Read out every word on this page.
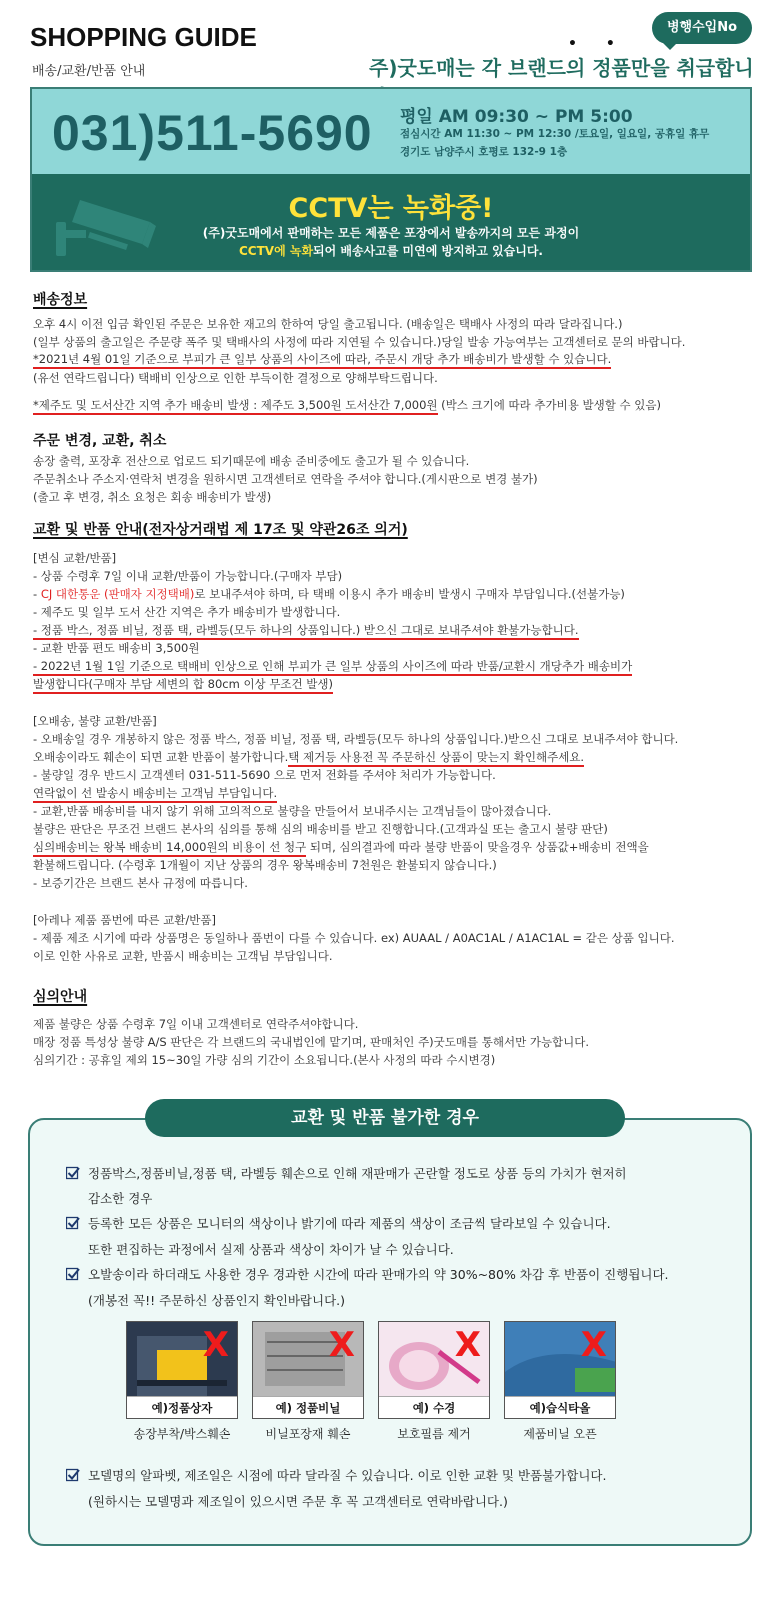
SHOPPING GUIDE
배송/교환/반품 안내
병행수입No
• •
주)굿도매는 각 브랜드의 정품만을 취급합니
031)511-5690 평일 AM 09:30 ~ PM 5:00
점심시간 AM 11:30 ~ PM 12:30 /토요일, 일요일, 공휴일 휴무
경기도 남양주시 호평로 132-9 1층
CCTV는 녹화중!
(주)굿도매에서 판매하는 모든 제품은 포장에서 발송까지의 모든 과정이
CCTV에 녹화되어 배송사고를 미연에 방지하고 있습니다.
배송정보
오후 4시 이전 입금 확인된 주문은 보유한 재고의 한하여 당일 출고됩니다. (배송일은 택배사 사정의 따라 달라집니다.)
(일부 상품의 출고일은 주문량 폭주 및 택배사의 사정에 따라 지연될 수 있습니다.)당일 발송 가능여부는 고객센터로 문의 바랍니다.
*2021년 4월 01일 기준으로 부피가 큰 일부 상품의 사이즈에 따라, 주문시 개당 추가 배송비가 발생할 수 있습니다.
(유선 연락드립니다) 택배비 인상으로 인한 부득이한 결정으로 양해부탁드립니다.
*제주도 및 도서산간 지역 추가 배송비 발생 : 제주도 3,500원 도서산간 7,000원 (박스 크기에 따라 추가비용 발생할 수 있음)
주문 변경, 교환, 취소
송장 출력, 포장후 전산으로 업로드 되기때문에 배송 준비중에도 출고가 될 수 있습니다.
주문취소나 주소지·연락처 변경을 원하시면 고객센터로 연락을 주셔야 합니다.(게시판으로 변경 불가)
(출고 후 변경, 취소 요청은 회송 배송비가 발생)
교환 및 반품 안내(전자상거래법 제 17조 및 약관26조 의거)
[변심 교환/반품]
- 상품 수령후 7일 이내 교환/반품이 가능합니다.(구매자 부담)
- CJ 대한통운 (판매자 지정택배)로 보내주셔야 하며, 타 택배 이용시 추가 배송비 발생시 구매자 부담입니다.(선불가능)
- 제주도 및 일부 도서 산간 지역은 추가 배송비가 발생합니다.
- 정품 박스, 정품 비닐, 정품 택, 라벨등(모두 하나의 상품입니다.) 받으신 그대로 보내주셔야 환불가능합니다.
- 교환 반품 편도 배송비 3,500원
- 2022년 1월 1일 기준으로 택배비 인상으로 인해 부피가 큰 일부 상품의 사이즈에 따라 반품/교환시 개당추가 배송비가
발생합니다(구매자 부담 세변의 합 80cm 이상 무조건 발생)
[오배송, 불량 교환/반품]
- 오배송일 경우 개봉하지 않은 정품 박스, 정품 비닐, 정품 택, 라벨등(모두 하나의 상품입니다.)받으신 그대로 보내주셔야 합니다.
오배송이라도 훼손이 되면 교환 반품이 불가합니다.택 제거등 사용전 꼭 주문하신 상품이 맞는지 확인해주세요.
- 불량일 경우 반드시 고객센터 031-511-5690 으로 먼저 전화를 주셔야 처리가 가능합니다.
연락없이 선 발송시 배송비는 고객님 부담입니다.
- 교환,반품 배송비를 내지 않기 위해 고의적으로 불량을 만들어서 보내주시는 고객님들이 많아졌습니다.
불량은 판단은 무조건 브랜드 본사의 심의를 통해 심의 배송비를 받고 진행합니다.(고객과실 또는 출고시 불량 판단)
심의배송비는 왕복 배송비 14,000원의 비용이 선 청구 되며, 심의결과에 따라 불량 반품이 맞을경우 상품값+배송비 전액을
환불해드립니다. (수령후 1개월이 지난 상품의 경우 왕복배송비 7천원은 환불되지 않습니다.)
- 보증기간은 브랜드 본사 규정에 따릅니다.
[아레나 제품 품번에 따른 교환/반품]
- 제품 제조 시기에 따라 상품명은 동일하나 품번이 다를 수 있습니다. ex) AUAAL / A0AC1AL / A1AC1AL = 같은 상품 입니다.
이로 인한 사유로 교환, 반품시 배송비는 고객님 부담입니다.
심의안내
제품 불량은 상품 수령후 7일 이내 고객센터로 연락주셔야합니다.
매장 정품 특성상 불량 A/S 판단은 각 브랜드의 국내법인에 맡기며, 판매처인 주)굿도매를 통해서만 가능합니다.
심의기간 : 공휴일 제외 15~30일 가량 심의 기간이 소요됩니다.(본사 사정의 따라 수시변경)
교환 및 반품 불가한 경우
정품박스,정품비닐,정품 택, 라벨등 훼손으로 인해 재판매가 곤란할 정도로 상품 등의 가치가 현저히
감소한 경우
등록한 모든 상품은 모니터의 색상이나 밝기에 따라 제품의 색상이 조금씩 달라보일 수 있습니다.
또한 편집하는 과정에서 실제 상품과 색상이 차이가 날 수 있습니다.
오발송이라 하더래도 사용한 경우 경과한 시간에 따라 판매가의 약 30%~80% 차감 후 반품이 진행됩니다.
(개봉전 꼭!! 주문하신 상품인지 확인바랍니다.)
X
예)정품상자
X
예) 정품비닐
X
예) 수경
X
예)습식타올
송장부착/박스훼손	비닐포장재 훼손	보호필름 제거	제품비닐 오픈
모델명의 알파벳, 제조일은 시점에 따라 달라질 수 있습니다. 이로 인한 교환 및 반품불가합니다.
(원하시는 모델명과 제조일이 있으시면 주문 후 꼭 고객센터로 연락바랍니다.)
